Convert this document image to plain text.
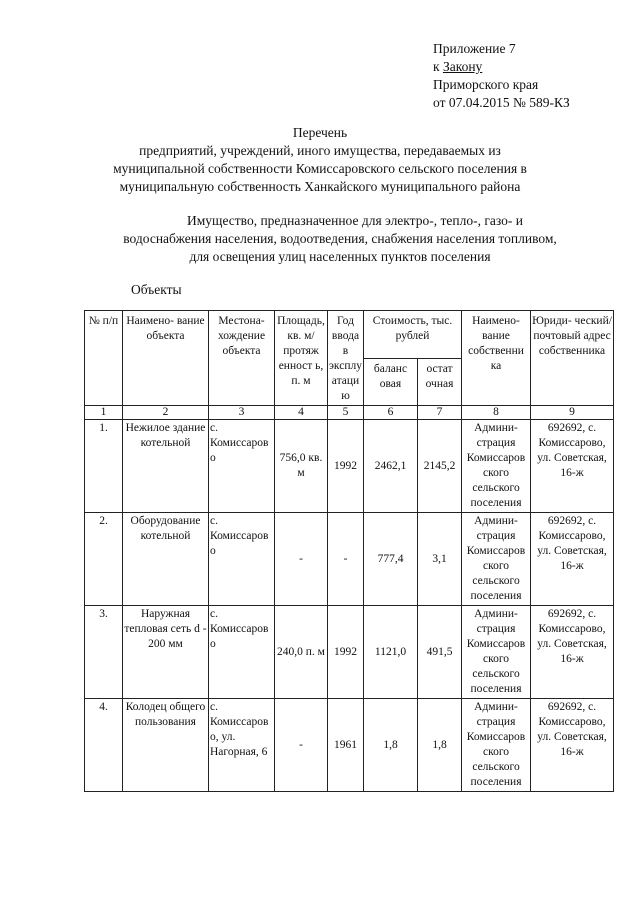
Приложение 7
к Закону
Приморского края
от 07.04.2015 № 589-КЗ
Перечень
предприятий, учреждений, иного имущества, передаваемых из
муниципальной собственности Комиссаровского сельского поселения в
муниципальную собственность Ханкайского муниципального района
Имущество, предназначенное для электро-, тепло-, газо- и
водоснабжения населения, водоотведения, снабжения населения топливом,
для освещения улиц населенных пунктов поселения
Объекты
№ п/п	Наимено- вание объекта	Местона- хождение объекта	Площадь, кв. м/ протяж енност ь, п. м	Год ввода в эксплу атаци ю	Стоимость, тыс. рублей		Наимено- вание собственни ка	Юриди- ческий/ почтовый адрес собственника
					баланс овая	остат очная		
1	2	3	4	5	6	7	8	9
1.	Нежилое здание котельной	с. Комиссаров о	756,0 кв. м	1992	2462,1	2145,2	Админи- страция Комиссаров ского сельского поселения	692692, с. Комиссарово, ул. Советская, 16-ж
2.	Оборудование котельной	с. Комиссаров о	-	-	777,4	3,1	Админи- страция Комиссаров ского сельского поселения	692692, с. Комиссарово, ул. Советская, 16-ж
3.	Наружная тепловая сеть d - 200 мм	с. Комиссаров о	240,0 п. м	1992	1121,0	491,5	Админи- страция Комиссаров ского сельского поселения	692692, с. Комиссарово, ул. Советская, 16-ж
4.	Колодец общего пользования	с. Комиссаров о, ул. Нагорная, 6	-	1961	1,8	1,8	Админи- страция Комиссаров ского сельского поселения	692692, с. Комиссарово, ул. Советская, 16-ж
